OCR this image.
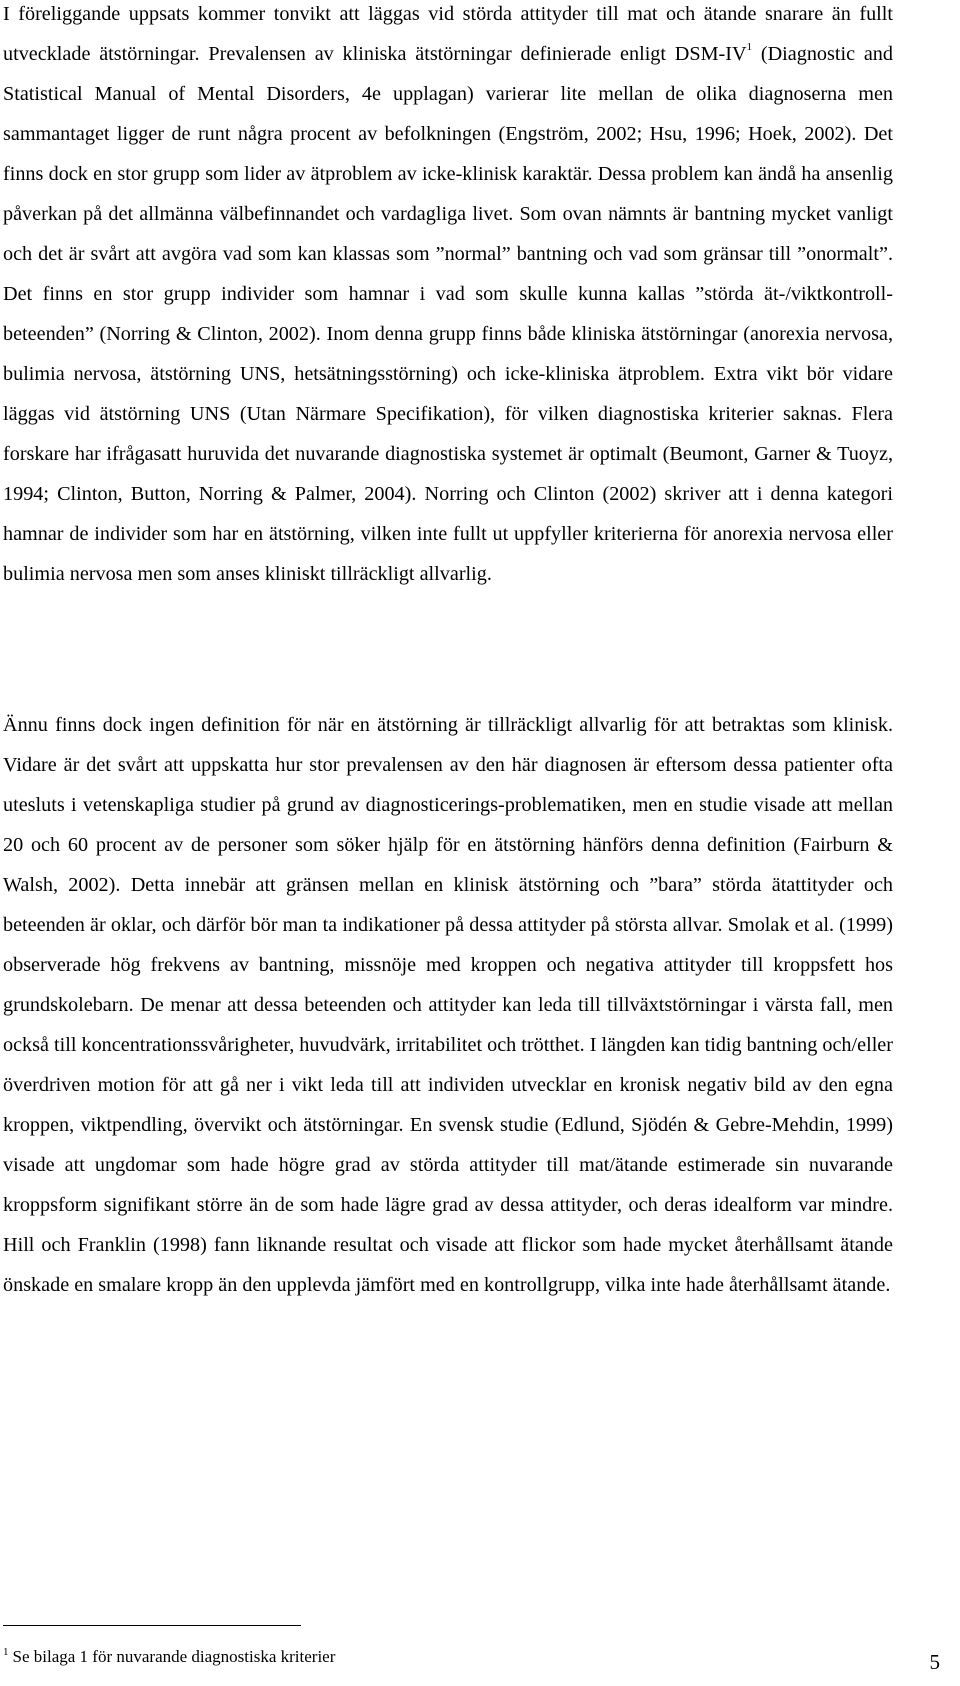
I föreliggande uppsats kommer tonvikt att läggas vid störda attityder till mat och ätande snarare än fullt utvecklade ätstörningar. Prevalensen av kliniska ätstörningar definierade enligt DSM-IV$^1$ (Diagnostic and Statistical Manual of Mental Disorders, 4e upplagan) varierar lite mellan de olika diagnoserna men sammantaget ligger de runt några procent av befolkningen (Engström, 2002; Hsu, 1996; Hoek, 2002). Det finns dock en stor grupp som lider av ätproblem av icke-klinisk karaktär. Dessa problem kan ändå ha ansenlig påverkan på det allmänna välbefinnandet och vardagliga livet. Som ovan nämnts är bantning mycket vanligt och det är svårt att avgöra vad som kan klassas som ”normal” bantning och vad som gränsar till ”onormalt”. Det finns en stor grupp individer som hamnar i vad som skulle kunna kallas ”störda ät-/viktkontroll-beteenden” (Norring & Clinton, 2002). Inom denna grupp finns både kliniska ätstörningar (anorexia nervosa, bulimia nervosa, ätstörning UNS, hetsätningsstörning) och icke-kliniska ätproblem. Extra vikt bör vidare läggas vid ätstörning UNS (Utan Närmare Specifikation), för vilken diagnostiska kriterier saknas. Flera forskare har ifrågasatt huruvida det nuvarande diagnostiska systemet är optimalt (Beumont, Garner & Tuoyz, 1994; Clinton, Button, Norring & Palmer, 2004). Norring och Clinton (2002) skriver att i denna kategori hamnar de individer som har en ätstörning, vilken inte fullt ut uppfyller kriterierna för anorexia nervosa eller bulimia nervosa men som anses kliniskt tillräckligt allvarlig.

Ännu finns dock ingen definition för när en ätstörning är tillräckligt allvarlig för att betraktas som klinisk. Vidare är det svårt att uppskatta hur stor prevalensen av den här diagnosen är eftersom dessa patienter ofta utesluts i vetenskapliga studier på grund av diagnosticerings-problematiken, men en studie visade att mellan 20 och 60 procent av de personer som söker hjälp för en ätstörning hänförs denna definition (Fairburn & Walsh, 2002). Detta innebär att gränsen mellan en klinisk ätstörning och ”bara” störda ätattityder och beteenden är oklar, och därför bör man ta indikationer på dessa attityder på största allvar. Smolak et al. (1999) observerade hög frekvens av bantning, missnöje med kroppen och negativa attityder till kroppsfett hos grundskolebarn. De menar att dessa beteenden och attityder kan leda till tillväxtstörningar i värsta fall, men också till koncentrationssvårigheter, huvudvärk, irritabilitet och trötthet. I längden kan tidig bantning och/eller överdriven motion för att gå ner i vikt leda till att individen utvecklar en kronisk negativ bild av den egna kroppen, viktpendling, övervikt och ätstörningar. En svensk studie (Edlund, Sjödén & Gebre-Mehdin, 1999) visade att ungdomar som hade högre grad av störda attityder till mat/ätande estimerade sin nuvarande kroppsform signifikant större än de som hade lägre grad av dessa attityder, och deras idealform var mindre. Hill och Franklin (1998) fann liknande resultat och visade att flickor som hade mycket återhållsamt ätande önskade en smalare kropp än den upplevda jämfört med en kontrollgrupp, vilka inte hade återhållsamt ätande.

$^1$ Se bilaga 1 för nuvarande diagnostiska kriterier	5
